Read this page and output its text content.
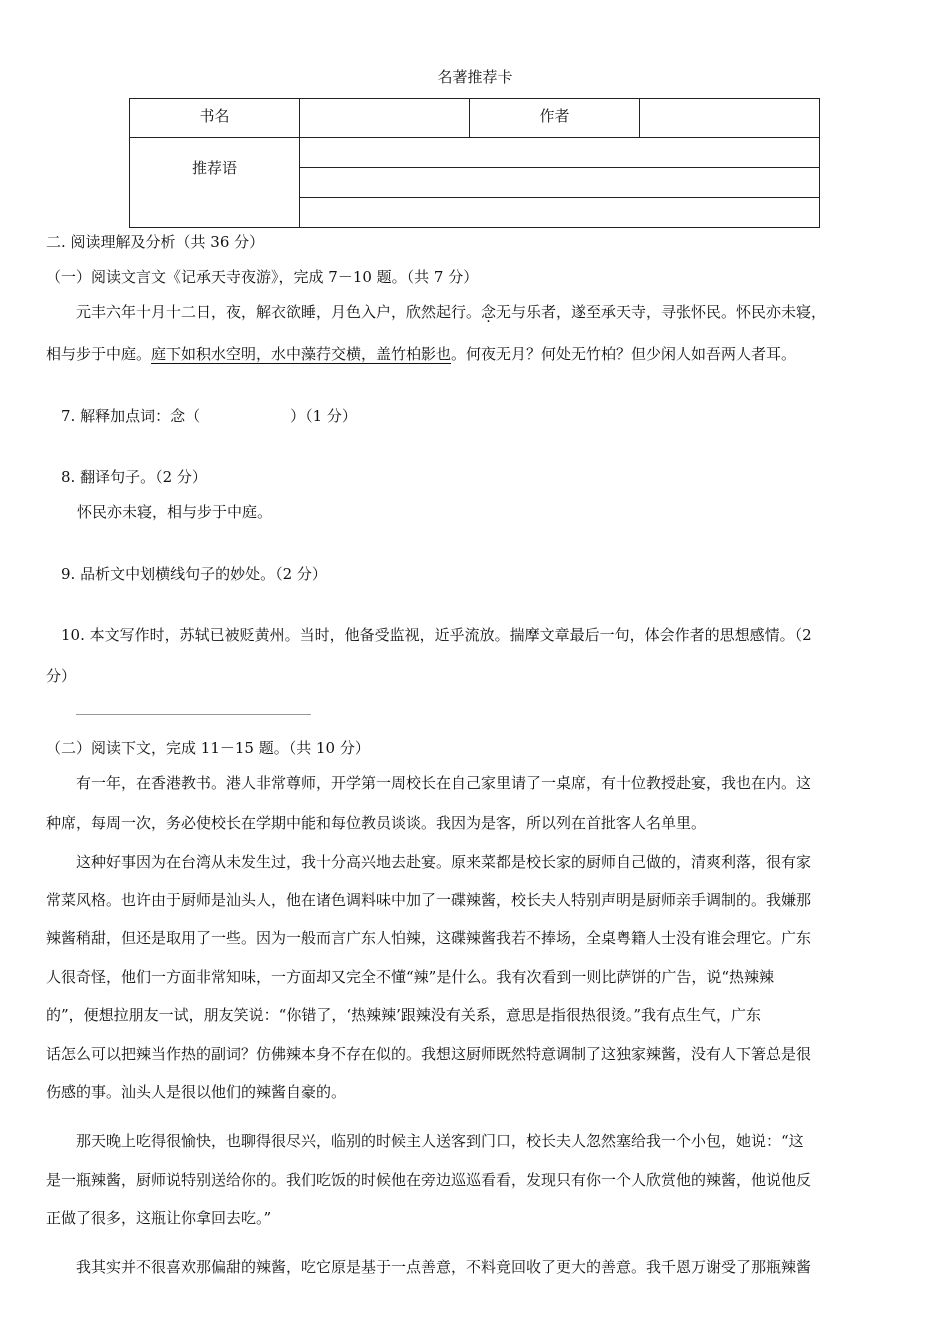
名著推荐卡
书名		作者	
推荐语			

二. 阅读理解及分析（共 36 分）
（一）阅读文言文《记承天寺夜游》，完成 7－10 题。（共 7 分）
　　元丰六年十月十二日，夜，解衣欲睡，月色入户，欣然起行。念无与乐者，遂至承天寺，寻张怀民。怀民亦未寝，
相与步于中庭。庭下如积水空明，水中藻荇交横，盖竹柏影也。何夜无月？何处无竹柏？但少闲人如吾两人者耳。
7. 解释加点词：念（　　　　　　）（1 分）
8. 翻译句子。（2 分）
怀民亦未寝，相与步于中庭。
9. 品析文中划横线句子的妙处。（2 分）
10. 本文写作时，苏轼已被贬黄州。当时，他备受监视，近乎流放。揣摩文章最后一句，体会作者的思想感情。（2
分）
（二）阅读下文，完成 11－15 题。（共 10 分）
　　有一年，在香港教书。港人非常尊师，开学第一周校长在自己家里请了一桌席，有十位教授赴宴，我也在内。这
种席，每周一次，务必使校长在学期中能和每位教员谈谈。我因为是客，所以列在首批客人名单里。
　　这种好事因为在台湾从未发生过，我十分高兴地去赴宴。原来菜都是校长家的厨师自己做的，清爽利落，很有家
常菜风格。也许由于厨师是汕头人，他在诸色调料味中加了一碟辣酱，校长夫人特别声明是厨师亲手调制的。我嫌那
辣酱稍甜，但还是取用了一些。因为一般而言广东人怕辣，这碟辣酱我若不捧场，全桌粤籍人士没有谁会理它。广东
人很奇怪，他们一方面非常知味，一方面却又完全不懂“辣”是什么。我有次看到一则比萨饼的广告，说“热辣辣
的”，便想拉朋友一试，朋友笑说：“你错了，‘热辣辣’跟辣没有关系，意思是指很热很烫。”我有点生气，广东
话怎么可以把辣当作热的副词？仿佛辣本身不存在似的。我想这厨师既然特意调制了这独家辣酱，没有人下箸总是很
伤感的事。汕头人是很以他们的辣酱自豪的。
　　那天晚上吃得很愉快，也聊得很尽兴，临别的时候主人送客到门口，校长夫人忽然塞给我一个小包，她说：“这
是一瓶辣酱，厨师说特别送给你的。我们吃饭的时候他在旁边巡巡看看，发现只有你一个人欣赏他的辣酱，他说他反
正做了很多，这瓶让你拿回去吃。”
　　我其实并不很喜欢那偏甜的辣酱，吃它原是基于一点善意，不料竟回收了更大的善意。我千恩万谢受了那瓶辣酱
